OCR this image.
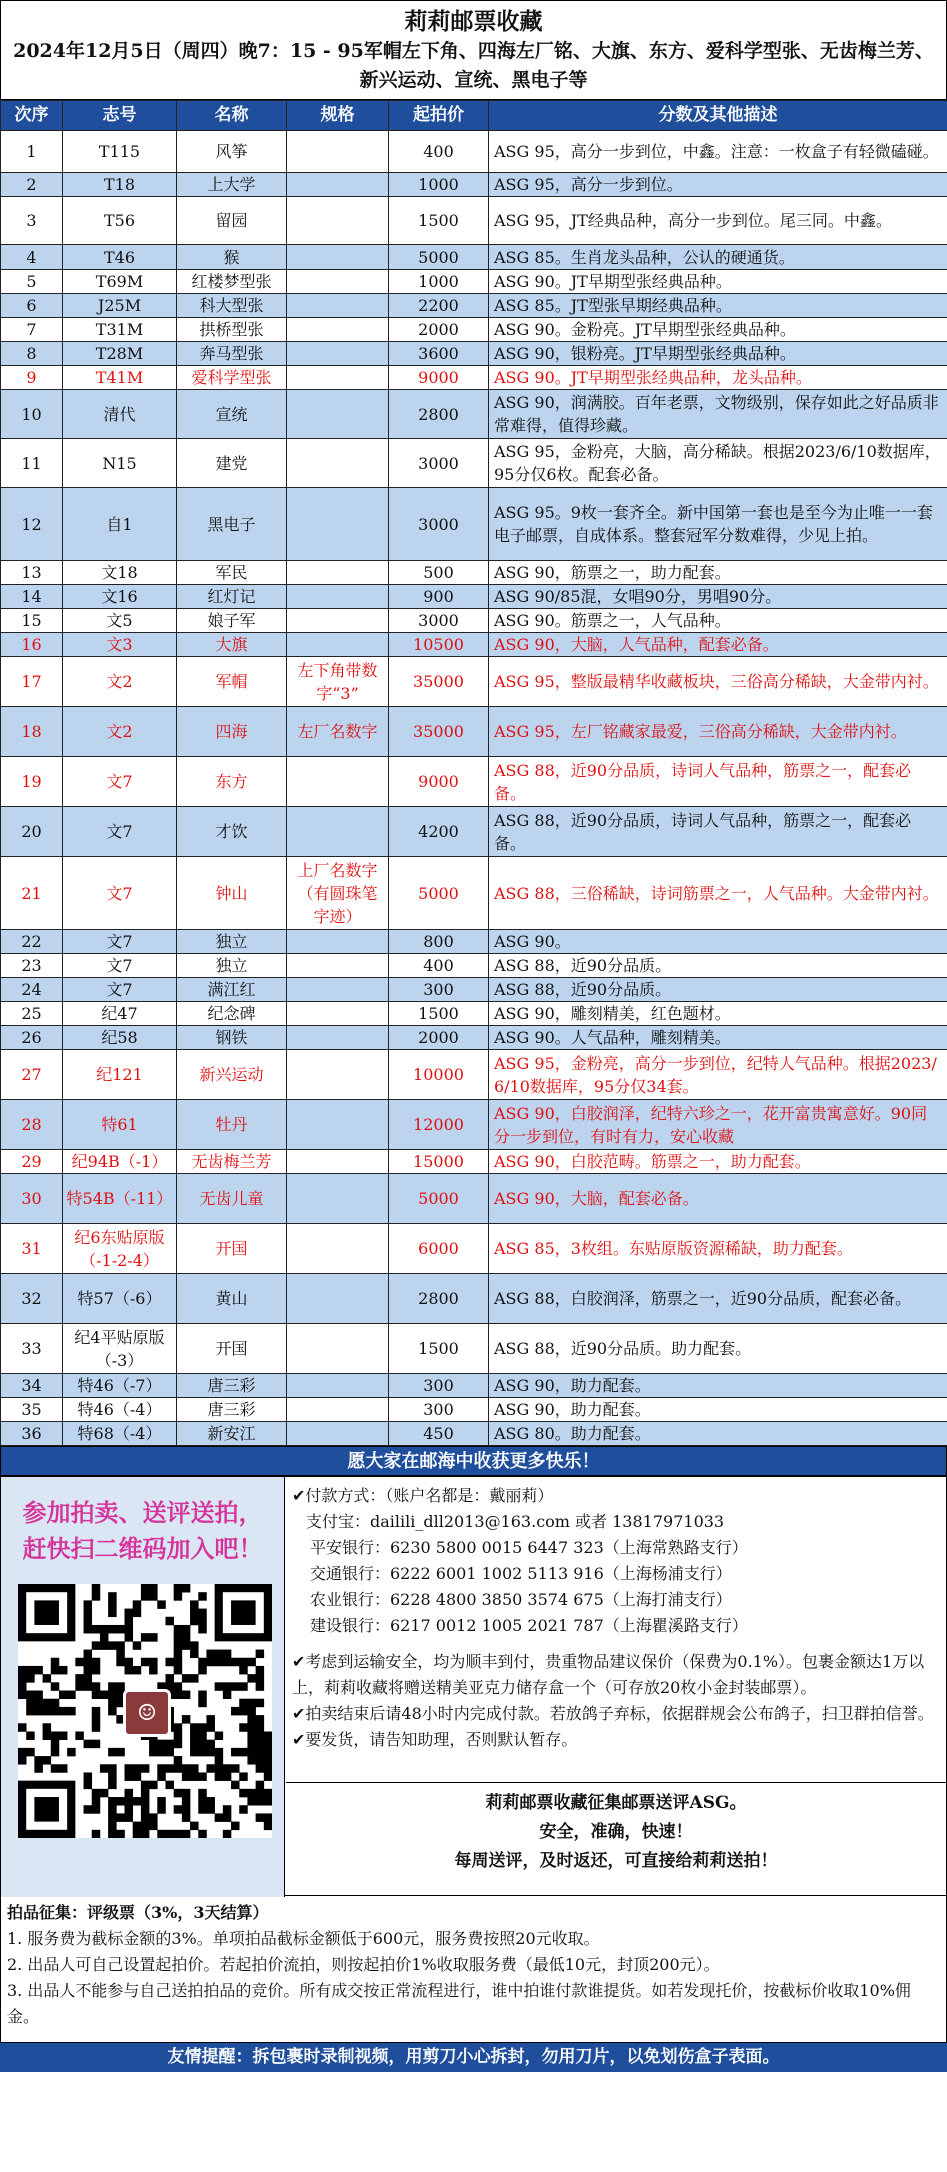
莉莉邮票收藏
2024年12月5日（周四）晚7：15 - 95军帽左下角、四海左厂铭、大旗、东方、爱科学型张、无齿梅兰芳、新兴运动、宣统、黑电子等
次序	志号	名称	规格	起拍价	分数及其他描述
1	T115	风筝		400	ASG 95，高分一步到位，中鑫。注意：一枚盒子有轻微磕碰。
2	T18	上大学		1000	ASG 95，高分一步到位。
3	T56	留园		1500	ASG 95，JT经典品种，高分一步到位。尾三同。中鑫。
4	T46	猴		5000	ASG 85。生肖龙头品种，公认的硬通货。
5	T69M	红楼梦型张		1000	ASG 90。JT早期型张经典品种。
6	J25M	科大型张		2200	ASG 85。JT型张早期经典品种。
7	T31M	拱桥型张		2000	ASG 90。金粉亮。JT早期型张经典品种。
8	T28M	奔马型张		3600	ASG 90，银粉亮。JT早期型张经典品种。
9	T41M	爱科学型张		9000	ASG 90。JT早期型张经典品种，龙头品种。
10	清代	宣统		2800	ASG 90，润满胶。百年老票，文物级别，保存如此之好品质非常难得，值得珍藏。
11	N15	建党		3000	ASG 95，金粉亮，大脑，高分稀缺。根据2023/6/10数据库，95分仅6枚。配套必备。
12	自1	黑电子		3000	ASG 95。9枚一套齐全。新中国第一套也是至今为止唯一一套电子邮票，自成体系。整套冠军分数难得，少见上拍。
13	文18	军民		500	ASG 90，筋票之一，助力配套。
14	文16	红灯记		900	ASG 90/85混，女唱90分，男唱90分。
15	文5	娘子军		3000	ASG 90。筋票之一，人气品种。
16	文3	大旗		10500	ASG 90，大脑，人气品种，配套必备。
17	文2	军帽	左下角带数字“3”	35000	ASG 95，整版最精华收藏板块，三俗高分稀缺，大金带内衬。
18	文2	四海	左厂名数字	35000	ASG 95，左厂铭藏家最爱，三俗高分稀缺，大金带内衬。
19	文7	东方		9000	ASG 88，近90分品质，诗词人气品种，筋票之一，配套必备。
20	文7	才饮		4200	ASG 88，近90分品质，诗词人气品种，筋票之一，配套必备。
21	文7	钟山	上厂名数字（有圆珠笔字迹）	5000	ASG 88，三俗稀缺，诗词筋票之一，人气品种。大金带内衬。
22	文7	独立		800	ASG 90。
23	文7	独立		400	ASG 88，近90分品质。
24	文7	满江红		300	ASG 88，近90分品质。
25	纪47	纪念碑		1500	ASG 90，雕刻精美，红色题材。
26	纪58	钢铁		2000	ASG 90。人气品种，雕刻精美。
27	纪121	新兴运动		10000	ASG 95，金粉亮，高分一步到位，纪特人气品种。根据2023/6/10数据库，95分仅34套。
28	特61	牡丹		12000	ASG 90，白胶润泽，纪特六珍之一，花开富贵寓意好。90同分一步到位，有时有力，安心收藏
29	纪94B（-1）	无齿梅兰芳		15000	ASG 90，白胶范畴。筋票之一，助力配套。
30	特54B（-11）	无齿儿童		5000	ASG 90，大脑，配套必备。
31	纪6东贴原版（-1-2-4）	开国		6000	ASG 85，3枚组。东贴原版资源稀缺，助力配套。
32	特57（-6）	黄山		2800	ASG 88，白胶润泽，筋票之一，近90分品质，配套必备。
33	纪4平贴原版（-3）	开国		1500	ASG 88，近90分品质。助力配套。
34	特46（-7）	唐三彩		300	ASG 90，助力配套。
35	特46（-4）	唐三彩		300	ASG 90，助力配套。
36	特68（-4）	新安江		450	ASG 80。助力配套。
愿大家在邮海中收获更多快乐！
参加拍卖、送评送拍，
赶快扫二维码加入吧！
☺
✔付款方式：（账户名都是：戴丽莉）
支付宝：dailili_dll2013@163.com 或者 13817971033
平安银行：6230 5800 0015 6447 323（上海常熟路支行）
交通银行：6222 6001 1002 5113 916（上海杨浦支行）
农业银行：6228 4800 3850 3574 675（上海打浦支行）
建设银行：6217 0012 1005 2021 787（上海瞿溪路支行）
✔考虑到运输安全，均为顺丰到付，贵重物品建议保价（保费为0.1%）。包裹金额达1万以上，莉莉收藏将赠送精美亚克力储存盒一个（可存放20枚小金封装邮票）。
✔拍卖结束后请48小时内完成付款。若放鸽子弃标，依据群规会公布鸽子，扫卫群拍信誉。
✔要发货，请告知助理，否则默认暂存。
莉莉邮票收藏征集邮票送评ASG。
安全，准确，快速！
每周送评，及时返还，可直接给莉莉送拍！
拍品征集：评级票（3%，3天结算）
1. 服务费为截标金额的3%。单项拍品截标金额低于600元，服务费按照20元收取。
2. 出品人可自己设置起拍价。若起拍价流拍，则按起拍价1%收取服务费（最低10元，封顶200元）。
3. 出品人不能参与自己送拍拍品的竞价。所有成交按正常流程进行，谁中拍谁付款谁提货。如若发现托价，按截标价收取10%佣金。
友情提醒：拆包裹时录制视频，用剪刀小心拆封，勿用刀片，以免划伤盒子表面。
